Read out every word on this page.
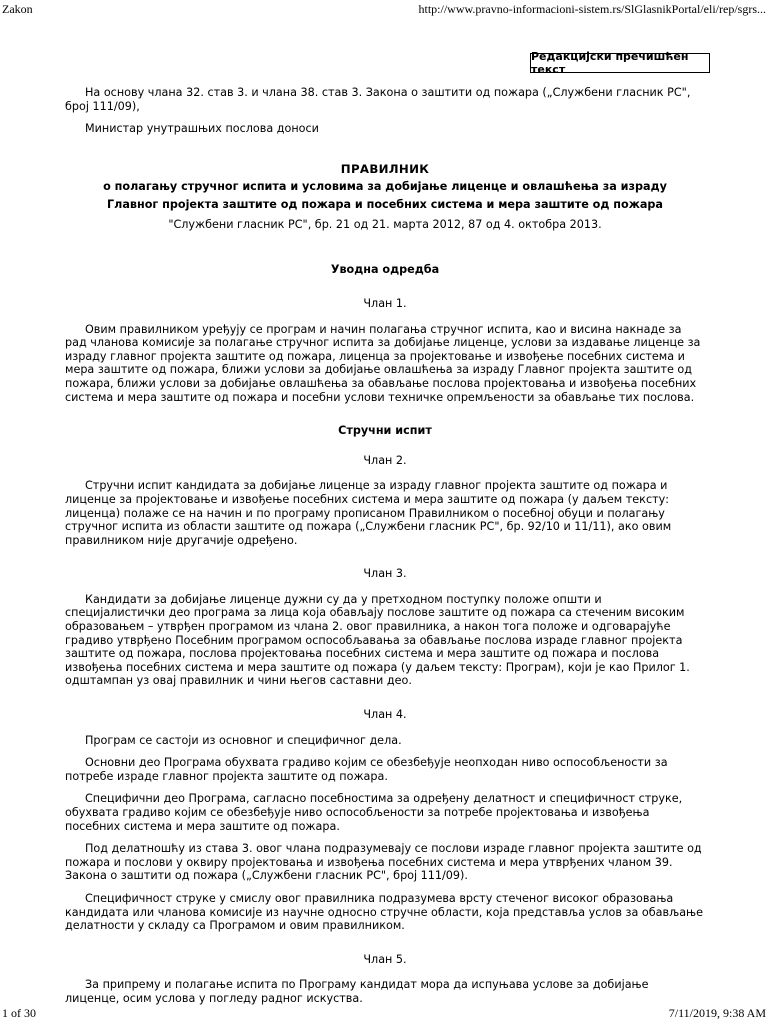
Zakon	http://www.pravno-informacioni-sistem.rs/SlGlasnikPortal/eli/rep/sgrs...
Редакцијски пречишћен текст

На основу члана 32. став 3. и члана 38. став 3. Закона о заштити од пожара („Службени гласник РС", број 111/09),

Министар унутрашњих послова доноси

ПРАВИЛНИК
о полагању стручног испита и условима за добијање лиценце и овлашћења за израду
Главног пројекта заштите од пожара и посебних система и мера заштите од пожара
"Службени гласник РС", бр. 21 од 21. марта 2012, 87 од 4. октобра 2013.
Уводна одредба
Члан 1.

Овим правилником уређују се програм и начин полагања стручног испита, као и висина накнаде за рад чланова комисије за полагање стручног испита за добијање лиценце, услови за издавање лиценце за израду главног пројекта заштите од пожара, лиценца за пројектовање и извођење посебних система и мера заштите од пожара, ближи услови за добијање овлашћења за израду Главног пројекта заштите од пожара, ближи услови за добијање овлашћења за обављање послова пројектовања и извођења посебних система и мера заштите од пожара и посебни услови техничке опремљености за обављање тих послова.

Стручни испит
Члан 2.

Стручни испит кандидата за добијање лиценце за израду главног пројекта заштите од пожара и лиценце за пројектовање и извођење посебних система и мера заштите од пожара (у даљем тексту: лиценца) полаже се на начин и по програму прописаном Правилником о посебној обуци и полагању стручног испита из области заштите од пожара („Службени гласник РС", бр. 92/10 и 11/11), ако овим правилником није другачије одређено.

Члан 3.

Кандидати за добијање лиценце дужни су да у претходном поступку положе општи и специјалистички део програма за лица која обављају послове заштите од пожара са стеченим високим образовањем – утврђен програмом из члана 2. овог правилника, а након тога положе и одговарајуће градиво утврђено Посебним програмом оспособљавања за обављање послова израде главног пројекта заштите од пожара, послова пројектовања посебних система и мера заштите од пожара и послова извођења посебних система и мера заштите од пожара (у даљем тексту: Програм), који је као Прилог 1. одштампан уз овај правилник и чини његов саставни део.

Члан 4.

Програм се састоји из основног и специфичног дела.

Основни део Програма обухвата градиво којим се обезбеђује неопходан ниво оспособљености за потребе израде главног пројекта заштите од пожара.

Специфични део Програма, сагласно посебностима за одређену делатност и специфичност струке, обухвата градиво којим се обезбеђује ниво оспособљености за потребе пројектовања и извођења посебних система и мера заштите од пожара.

Под делатношћу из става 3. овог члана подразумевају се послови израде главног пројекта заштите од пожара и послови у оквиру пројектовања и извођења посебних система и мера утврђених чланом 39. Закона о заштити од пожара („Службени гласник РС", број 111/09).

Специфичност струке у смислу овог правилника подразумева врсту стеченог високог образовања кандидата или чланова комисије из научне односно стручне области, која представља услов за обављање делатности у складу са Програмом и овим правилником.

Члан 5.

За припрему и полагање испита по Програму кандидат мора да испуњава услове за добијање лиценце, осим услова у погледу радног искуства.

1 of 30	7/11/2019, 9:38 AM
